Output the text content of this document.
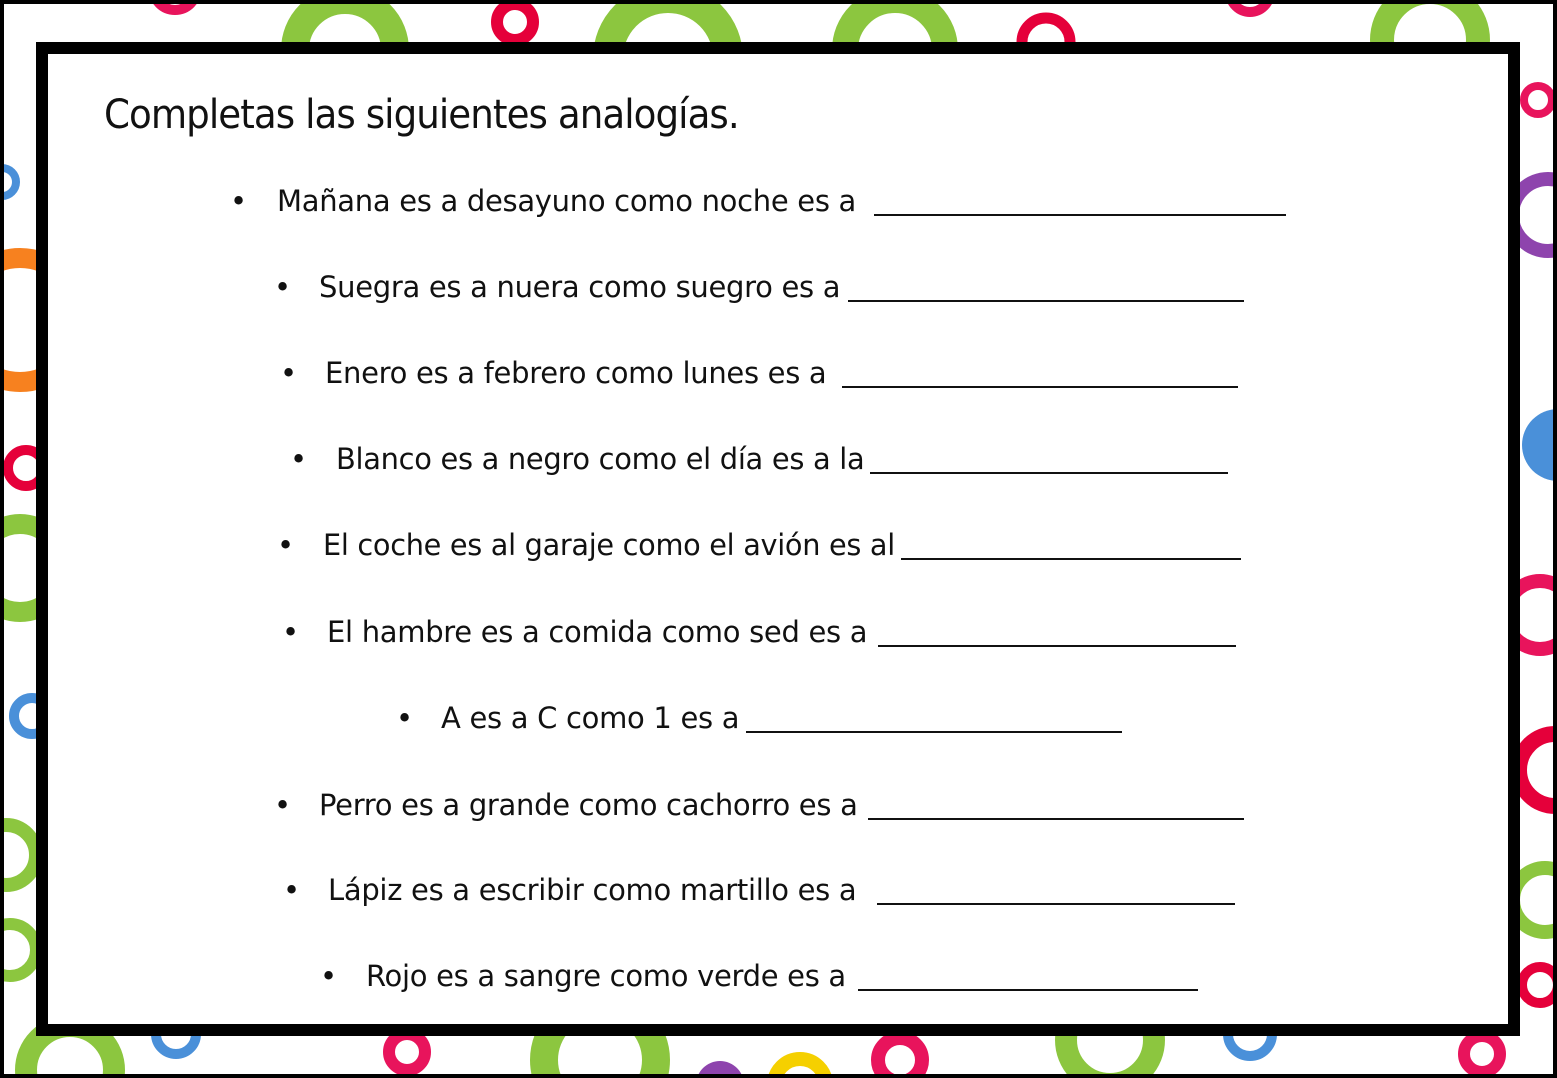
Completas las siguientes analogías.
• Mañana es a desayuno como noche es a
• Suegra es a nuera como suegro es a
• Enero es a febrero como lunes es a
• Blanco es a negro como el día es a la
• El coche es al garaje como el avión es al
• El hambre es a comida como sed es a
• A es a C como 1 es a
• Perro es a grande como cachorro es a
• Lápiz es a escribir como martillo es a
• Rojo es a sangre como verde es a
